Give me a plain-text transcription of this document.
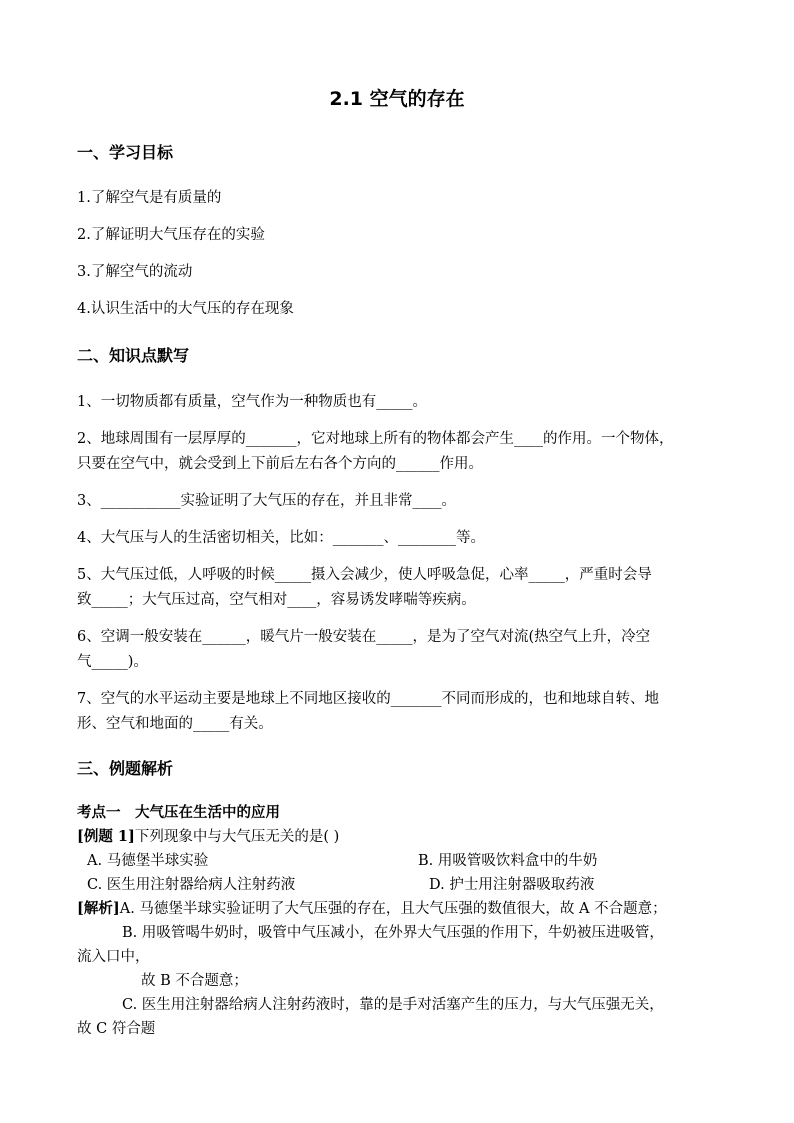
2.1 空气的存在
一、学习目标

1.了解空气是有质量的

2.了解证明大气压存在的实验

3.了解空气的流动

4.认识生活中的大气压的存在现象

二、知识点默写

1、一切物质都有质量，空气作为一种物质也有_____。

2、地球周围有一层厚厚的_______，它对地球上所有的物体都会产生____的作用。一个物体，

只要在空气中，就会受到上下前后左右各个方向的______作用。

3、___________实验证明了大气压的存在，并且非常____。

4、大气压与人的生活密切相关，比如：_______、________等。

5、大气压过低，人呼吸的时候_____摄入会减少，使人呼吸急促，心率_____，严重时会导

致_____；大气压过高，空气相对____，容易诱发哮喘等疾病。

6、空调一般安装在______，暖气片一般安装在_____，是为了空气对流(热空气上升，冷空

气_____)。

7、空气的水平运动主要是地球上不同地区接收的_______不同而形成的，也和地球自转、地

形、空气和地面的_____有关。

三、例题解析

考点一　大气压在生活中的应用

[例题 1]下列现象中与大气压无关的是( )

A. 马德堡半球实验	B. 用吸管吸饮料盒中的牛奶

C. 医生用注射器给病人注射药液	D. 护士用注射器吸取药液

[解析]A. 马德堡半球实验证明了大气压强的存在，且大气压强的数值很大，故 A 不合题意；

B. 用吸管喝牛奶时，吸管中气压减小，在外界大气压强的作用下，牛奶被压进吸管，

流入口中，

故 B 不合题意；

C. 医生用注射器给病人注射药液时，靠的是手对活塞产生的压力，与大气压强无关，

故 C 符合题
